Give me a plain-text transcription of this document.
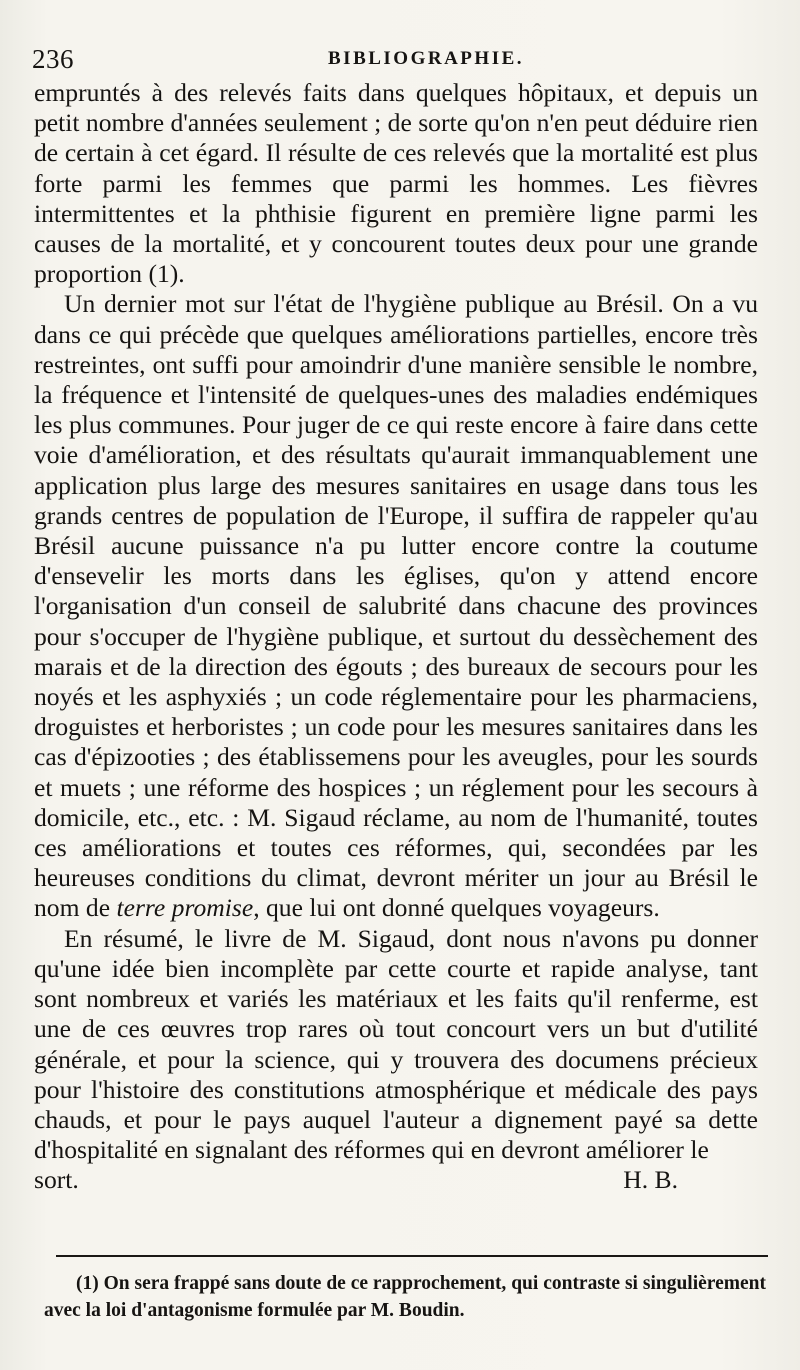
236	BIBLIOGRAPHIE.

empruntés à des relevés faits dans quelques hôpitaux, et depuis un petit nombre d'années seulement ; de sorte qu'on n'en peut déduire rien de certain à cet égard. Il résulte de ces relevés que la mortalité est plus forte parmi les femmes que parmi les hommes. Les fièvres intermittentes et la phthisie figurent en première ligne parmi les causes de la mortalité, et y concourent toutes deux pour une grande proportion (1).

Un dernier mot sur l'état de l'hygiène publique au Brésil. On a vu dans ce qui précède que quelques améliorations partielles, encore très restreintes, ont suffi pour amoindrir d'une manière sensible le nombre, la fréquence et l'intensité de quelques-unes des maladies endémiques les plus communes. Pour juger de ce qui reste encore à faire dans cette voie d'amélioration, et des résultats qu'aurait immanquablement une application plus large des mesures sanitaires en usage dans tous les grands centres de population de l'Europe, il suffira de rappeler qu'au Brésil aucune puissance n'a pu lutter encore contre la coutume d'ensevelir les morts dans les églises, qu'on y attend encore l'organisation d'un conseil de salubrité dans chacune des provinces pour s'occuper de l'hygiène publique, et surtout du dessèchement des marais et de la direction des égouts ; des bureaux de secours pour les noyés et les asphyxiés ; un code réglementaire pour les pharmaciens, droguistes et herboristes ; un code pour les mesures sanitaires dans les cas d'épizooties ; des établissemens pour les aveugles, pour les sourds et muets ; une réforme des hospices ; un réglement pour les secours à domicile, etc., etc. : M. Sigaud réclame, au nom de l'humanité, toutes ces améliorations et toutes ces réformes, qui, secondées par les heureuses conditions du climat, devront mériter un jour au Brésil le nom de terre promise, que lui ont donné quelques voyageurs.

En résumé, le livre de M. Sigaud, dont nous n'avons pu donner qu'une idée bien incomplète par cette courte et rapide analyse, tant sont nombreux et variés les matériaux et les faits qu'il renferme, est une de ces œuvres trop rares où tout concourt vers un but d'utilité générale, et pour la science, qui y trouvera des documens précieux pour l'histoire des constitutions atmosphérique et médicale des pays chauds, et pour le pays auquel l'auteur a dignement payé sa dette d'hospitalité en signalant des réformes qui en devront améliorer le

sort.	H. B.

(1) On sera frappé sans doute de ce rapprochement, qui contraste si singulièrement avec la loi d'antagonisme formulée par M. Boudin.
